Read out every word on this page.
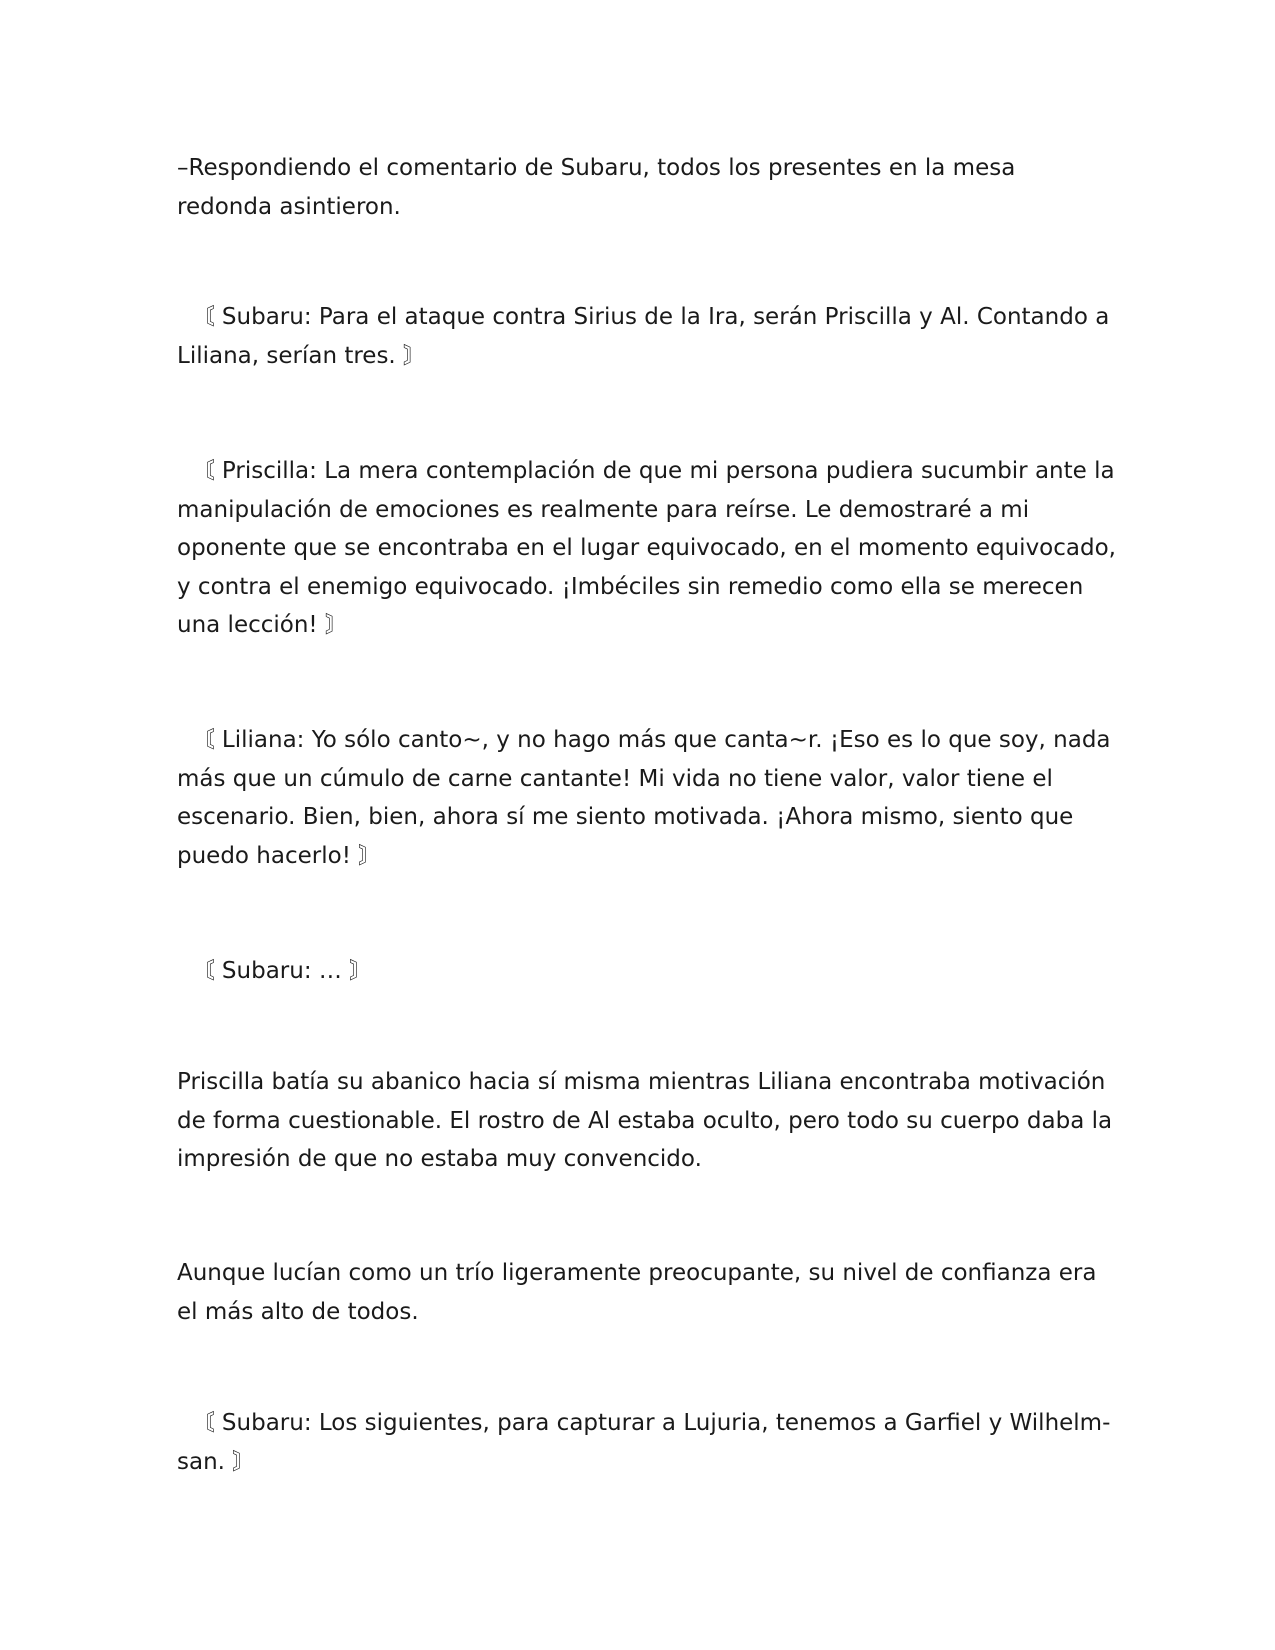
–Respondiendo el comentario de Subaru, todos los presentes en la mesa redonda asintieron.

〘 Subaru: Para el ataque contra Sirius de la Ira, serán Priscilla y Al. Contando a Liliana, serían tres. 〙

〘 Priscilla: La mera contemplación de que mi persona pudiera sucumbir ante la manipulación de emociones es realmente para reírse. Le demostraré a mi oponente que se encontraba en el lugar equivocado, en el momento equivocado, y contra el enemigo equivocado. ¡Imbéciles sin remedio como ella se merecen una lección! 〙

〘 Liliana: Yo sólo canto~, y no hago más que canta~r. ¡Eso es lo que soy, nada más que un cúmulo de carne cantante! Mi vida no tiene valor, valor tiene el escenario. Bien, bien, ahora sí me siento motivada. ¡Ahora mismo, siento que puedo hacerlo! 〙

〘 Subaru: … 〙

Priscilla batía su abanico hacia sí misma mientras Liliana encontraba motivación de forma cuestionable. El rostro de Al estaba oculto, pero todo su cuerpo daba la impresión de que no estaba muy convencido.

Aunque lucían como un trío ligeramente preocupante, su nivel de confianza era el más alto de todos.

〘 Subaru: Los siguientes, para capturar a Lujuria, tenemos a Garfiel y Wilhelm-san. 〙
